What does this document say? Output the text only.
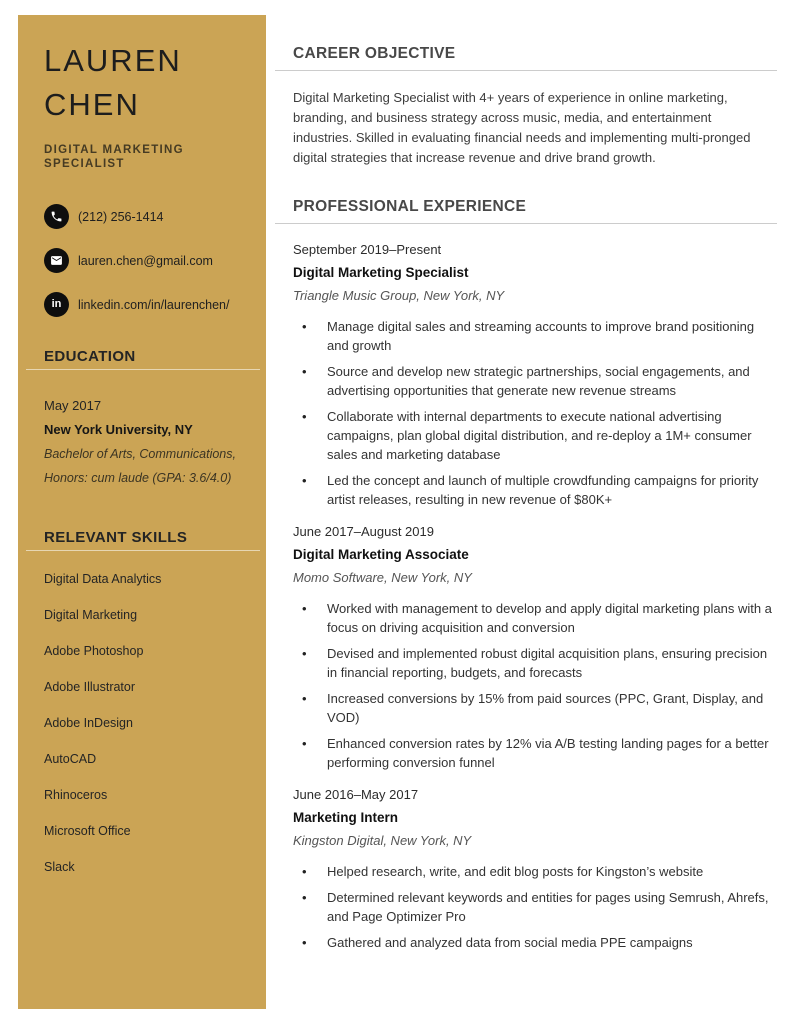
LAUREN
CHEN
DIGITAL MARKETING SPECIALIST
(212) 256-1414
lauren.chen@gmail.com
in linkedin.com/in/laurenchen/
EDUCATION
May 2017
New York University, NY
Bachelor of Arts, Communications,
Honors: cum laude (GPA: 3.6/4.0)
RELEVANT SKILLS
Digital Data Analytics
Digital Marketing
Adobe Photoshop
Adobe Illustrator
Adobe InDesign
AutoCAD
Rhinoceros
Microsoft Office
Slack
CAREER OBJECTIVE

Digital Marketing Specialist with 4+ years of experience in online marketing, branding, and business strategy across music, media, and entertainment industries. Skilled in evaluating financial needs and implementing multi-pronged digital strategies that increase revenue and drive brand growth.

PROFESSIONAL EXPERIENCE
September 2019–Present
Digital Marketing Specialist
Triangle Music Group, New York, NY
• Manage digital sales and streaming accounts to improve brand positioning and growth
• Source and develop new strategic partnerships, social engagements, and advertising opportunities that generate new revenue streams
• Collaborate with internal departments to execute national advertising campaigns, plan global digital distribution, and re-deploy a 1M+ consumer sales and marketing database
• Led the concept and launch of multiple crowdfunding campaigns for priority artist releases, resulting in new revenue of $80K+
June 2017–August 2019
Digital Marketing Associate
Momo Software, New York, NY
• Worked with management to develop and apply digital marketing plans with a focus on driving acquisition and conversion
• Devised and implemented robust digital acquisition plans, ensuring precision in financial reporting, budgets, and forecasts
• Increased conversions by 15% from paid sources (PPC, Grant, Display, and VOD)
• Enhanced conversion rates by 12% via A/B testing landing pages for a better performing conversion funnel
June 2016–May 2017
Marketing Intern
Kingston Digital, New York, NY
• Helped research, write, and edit blog posts for Kingston’s website
• Determined relevant keywords and entities for pages using Semrush, Ahrefs, and Page Optimizer Pro
• Gathered and analyzed data from social media PPE campaigns
